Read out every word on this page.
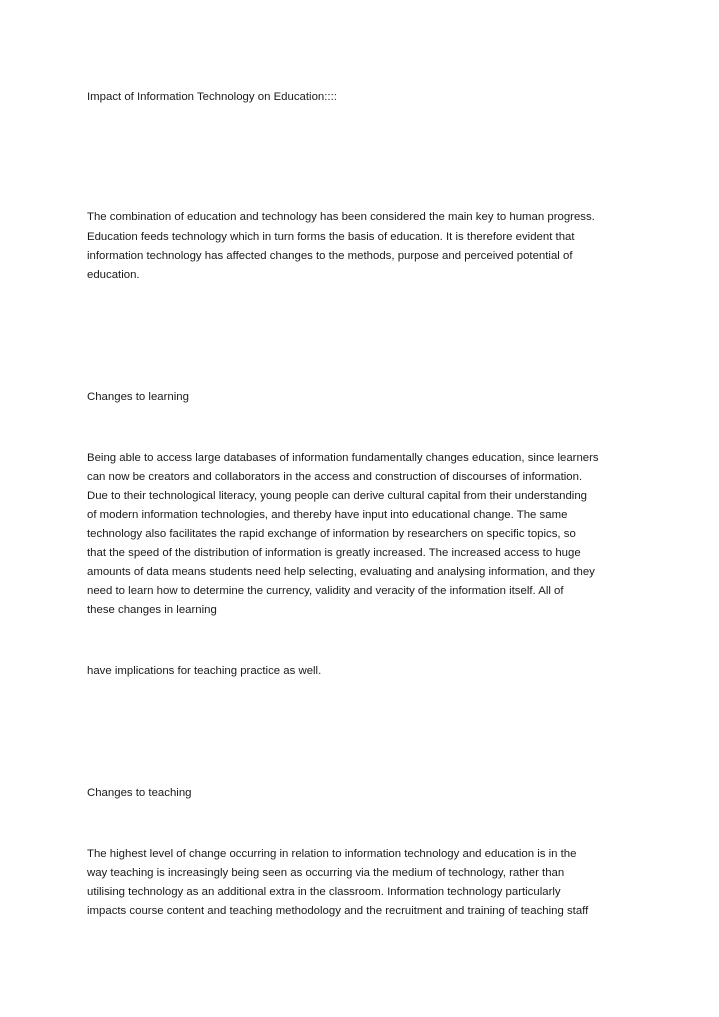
Impact of Information Technology on Education::::
The combination of education and technology has been considered the main key to human progress.
Education feeds technology which in turn forms the basis of education. It is therefore evident that
information technology has affected changes to the methods, purpose and perceived potential of
education.
Changes to learning
Being able to access large databases of information fundamentally changes education, since learners
can now be creators and collaborators in the access and construction of discourses of information.
Due to their technological literacy, young people can derive cultural capital from their understanding
of modern information technologies, and thereby have input into educational change. The same
technology also facilitates the rapid exchange of information by researchers on specific topics, so
that the speed of the distribution of information is greatly increased. The increased access to huge
amounts of data means students need help selecting, evaluating and analysing information, and they
need to learn how to determine the currency, validity and veracity of the information itself. All of
these changes in learning
have implications for teaching practice as well.
Changes to teaching
The highest level of change occurring in relation to information technology and education is in the
way teaching is increasingly being seen as occurring via the medium of technology, rather than
utilising technology as an additional extra in the classroom. Information technology particularly
impacts course content and teaching methodology and the recruitment and training of teaching staff
